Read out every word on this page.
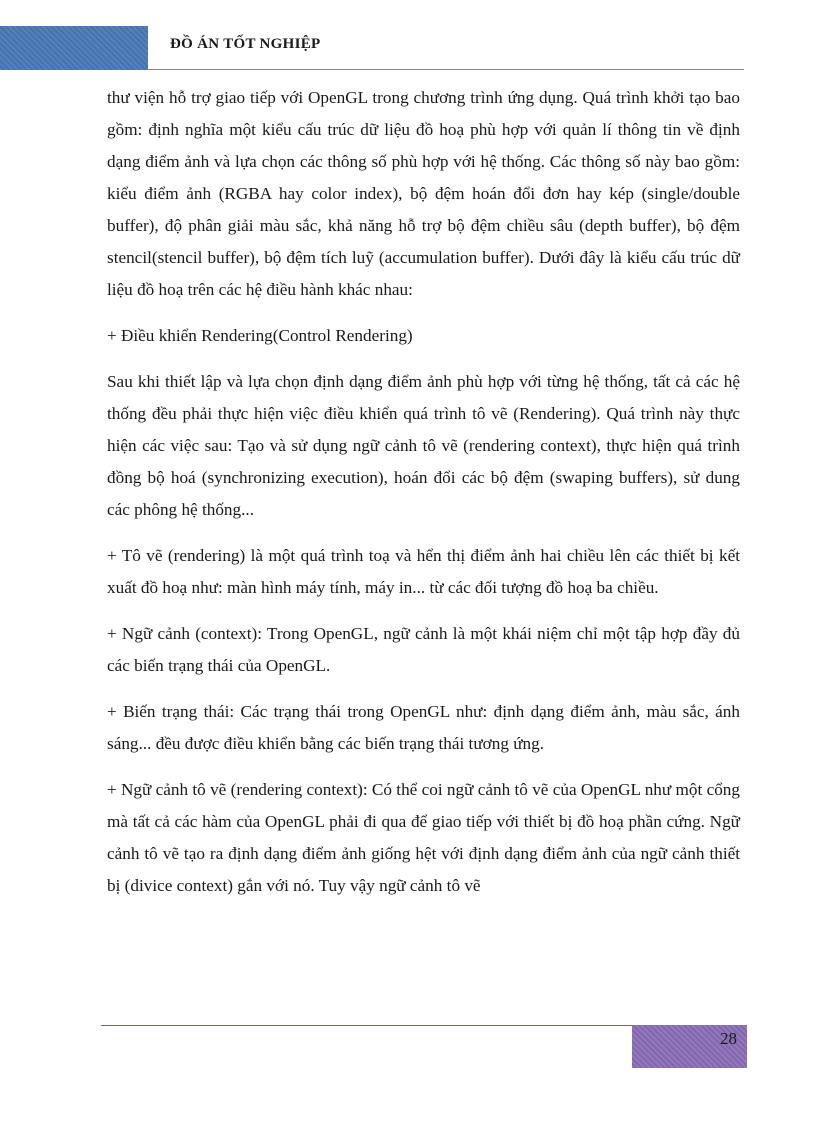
ĐỒ ÁN TỐT NGHIỆP

thư viện hỗ trợ giao tiếp với OpenGL trong chương trình ứng dụng. Quá trình khởi tạo bao gồm: định nghĩa một kiểu cấu trúc dữ liệu đồ hoạ phù hợp với quản lí thông tin về định dạng điểm ảnh và lựa chọn các thông số phù hợp với hệ thống. Các thông số này bao gồm: kiểu điểm ảnh (RGBA hay color index), bộ đệm hoán đổi đơn hay kép (single/double buffer), độ phân giải màu sắc, khả năng hỗ trợ bộ đệm chiều sâu (depth buffer), bộ đệm stencil(stencil buffer), bộ đệm tích luỹ (accumulation buffer). Dưới đây là kiểu cấu trúc dữ liệu đồ hoạ trên các hệ điều hành khác nhau:

+ Điều khiển Rendering(Control Rendering)

Sau khi thiết lập và lựa chọn định dạng điểm ảnh phù hợp với từng hệ thống, tất cả các hệ thống đều phải thực hiện việc điều khiển quá trình tô vẽ (Rendering). Quá trình này thực hiện các việc sau: Tạo và sử dụng ngữ cảnh tô vẽ (rendering context), thực hiện quá trình đồng bộ hoá (synchronizing execution), hoán đổi các bộ đệm (swaping buffers), sử dung các phông hệ thống...

+ Tô vẽ (rendering) là một quá trình toạ và hển thị điểm ảnh hai chiều lên các thiết bị kết xuất đồ hoạ như: màn hình máy tính, máy in... từ các đối tượng đồ hoạ ba chiều.

+ Ngữ cảnh (context): Trong OpenGL, ngữ cảnh là một khái niệm chỉ một tập hợp đầy đủ các biến trạng thái của OpenGL.

+ Biến trạng thái: Các trạng thái trong OpenGL như: định dạng điểm ảnh, màu sắc, ánh sáng... đều được điều khiển bằng các biến trạng thái tương ứng.

+ Ngữ cảnh tô vẽ (rendering context): Có thể coi ngữ cảnh tô vẽ của OpenGL như một cổng mà tất cả các hàm của OpenGL phải đi qua để giao tiếp với thiết bị đồ hoạ phần cứng. Ngữ cảnh tô vẽ tạo ra định dạng điểm ảnh giống hệt với định dạng điểm ảnh của ngữ cảnh thiết bị (divice context) gắn với nó. Tuy vậy ngữ cảnh tô vẽ

28
